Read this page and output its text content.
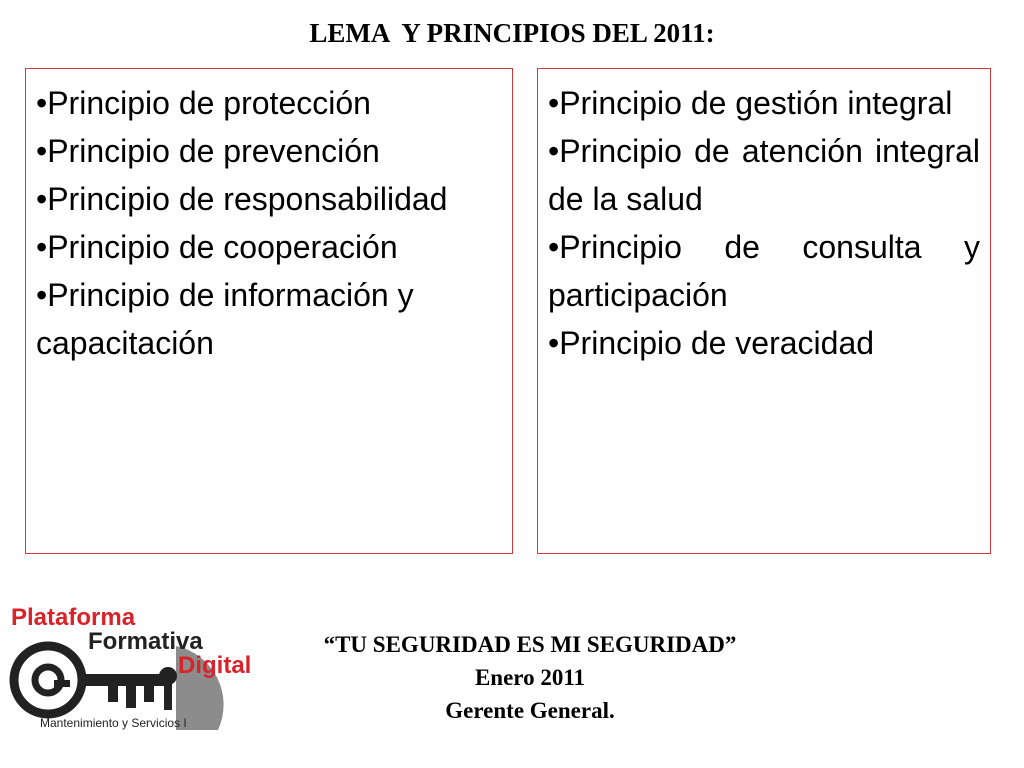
LEMA  Y PRINCIPIOS DEL 2011:
•Principio de protección
•Principio de prevención
•Principio de responsabilidad
•Principio de cooperación
•Principio de información y capacitación
•Principio de gestión integral
•Principio de atención integral de la salud
•Principio de consulta y participación
•Principio de veracidad
Plataforma
Formativa
Digital
Mantenimiento y Servicios I
“TU SEGURIDAD ES MI SEGURIDAD”
Enero 2011
Gerente General.
